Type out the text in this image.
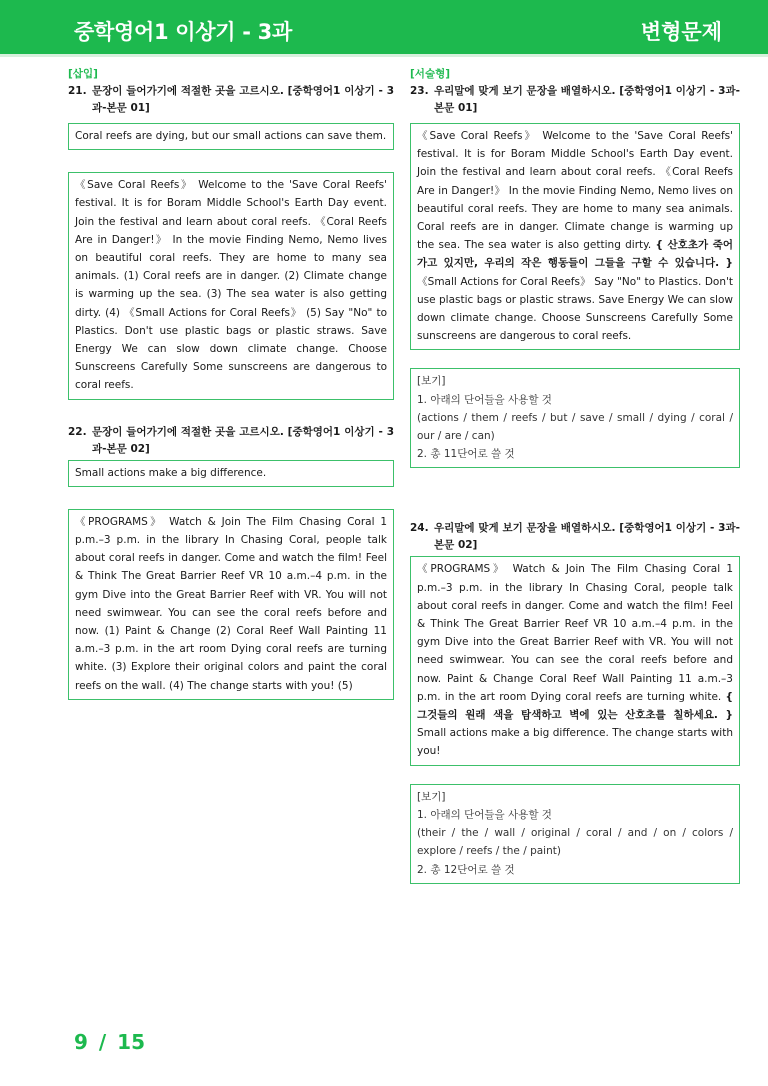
중학영어1 이상기 - 3과	변형문제
[삽입]
21. 문장이 들어가기에 적절한 곳을 고르시오. [중학영어1 이상기 - 3과-본문 01]
Coral reefs are dying, but our small actions can save them.
《Save Coral Reefs》 Welcome to the 'Save Coral Reefs' festival. It is for Boram Middle School's Earth Day event. Join the festival and learn about coral reefs. 《Coral Reefs Are in Danger!》 In the movie Finding Nemo, Nemo lives on beautiful coral reefs. They are home to many sea animals. (1) Coral reefs are in danger. (2) Climate change is warming up the sea. (3) The sea water is also getting dirty. (4) 《Small Actions for Coral Reefs》 (5) Say "No" to Plastics. Don't use plastic bags or plastic straws. Save Energy We can slow down climate change. Choose Sunscreens Carefully Some sunscreens are dangerous to coral reefs.
22. 문장이 들어가기에 적절한 곳을 고르시오. [중학영어1 이상기 - 3과-본문 02]
Small actions make a big difference.
《PROGRAMS》 Watch & Join The Film Chasing Coral 1 p.m.–3 p.m. in the library In Chasing Coral, people talk about coral reefs in danger. Come and watch the film! Feel & Think The Great Barrier Reef VR 10 a.m.–4 p.m. in the gym Dive into the Great Barrier Reef with VR. You will not need swimwear. You can see the coral reefs before and now. (1) Paint & Change (2) Coral Reef Wall Painting 11 a.m.–3 p.m. in the art room Dying coral reefs are turning white. (3) Explore their original colors and paint the coral reefs on the wall. (4) The change starts with you! (5)
[서술형]
23. 우리말에 맞게 보기 문장을 배열하시오. [중학영어1 이상기 - 3과-본문 01]
《Save Coral Reefs》 Welcome to the 'Save Coral Reefs' festival. It is for Boram Middle School's Earth Day event. Join the festival and learn about coral reefs. 《Coral Reefs Are in Danger!》 In the movie Finding Nemo, Nemo lives on beautiful coral reefs. They are home to many sea animals. Coral reefs are in danger. Climate change is warming up the sea. The sea water is also getting dirty. { 산호초가 죽어 가고 있지만, 우리의 작은 행동들이 그들을 구할 수 있습니다. } 《Small Actions for Coral Reefs》 Say "No" to Plastics. Don't use plastic bags or plastic straws. Save Energy We can slow down climate change. Choose Sunscreens Carefully Some sunscreens are dangerous to coral reefs.
[보기]
1. 아래의 단어들을 사용할 것
(actions / them / reefs / but / save / small / dying / coral / our / are / can)
2. 총 11단어로 쓸 것
24. 우리말에 맞게 보기 문장을 배열하시오. [중학영어1 이상기 - 3과-본문 02]
《PROGRAMS》 Watch & Join The Film Chasing Coral 1 p.m.–3 p.m. in the library In Chasing Coral, people talk about coral reefs in danger. Come and watch the film! Feel & Think The Great Barrier Reef VR 10 a.m.–4 p.m. in the gym Dive into the Great Barrier Reef with VR. You will not need swimwear. You can see the coral reefs before and now. Paint & Change Coral Reef Wall Painting 11 a.m.–3 p.m. in the art room Dying coral reefs are turning white. { 그것들의 원래 색을 탐색하고 벽에 있는 산호초를 칠하세요. } Small actions make a big difference. The change starts with you!
[보기]
1. 아래의 단어들을 사용할 것
(their / the / wall / original / coral / and / on / colors / explore / reefs / the / paint)
2. 총 12단어로 쓸 것
9 / 15
